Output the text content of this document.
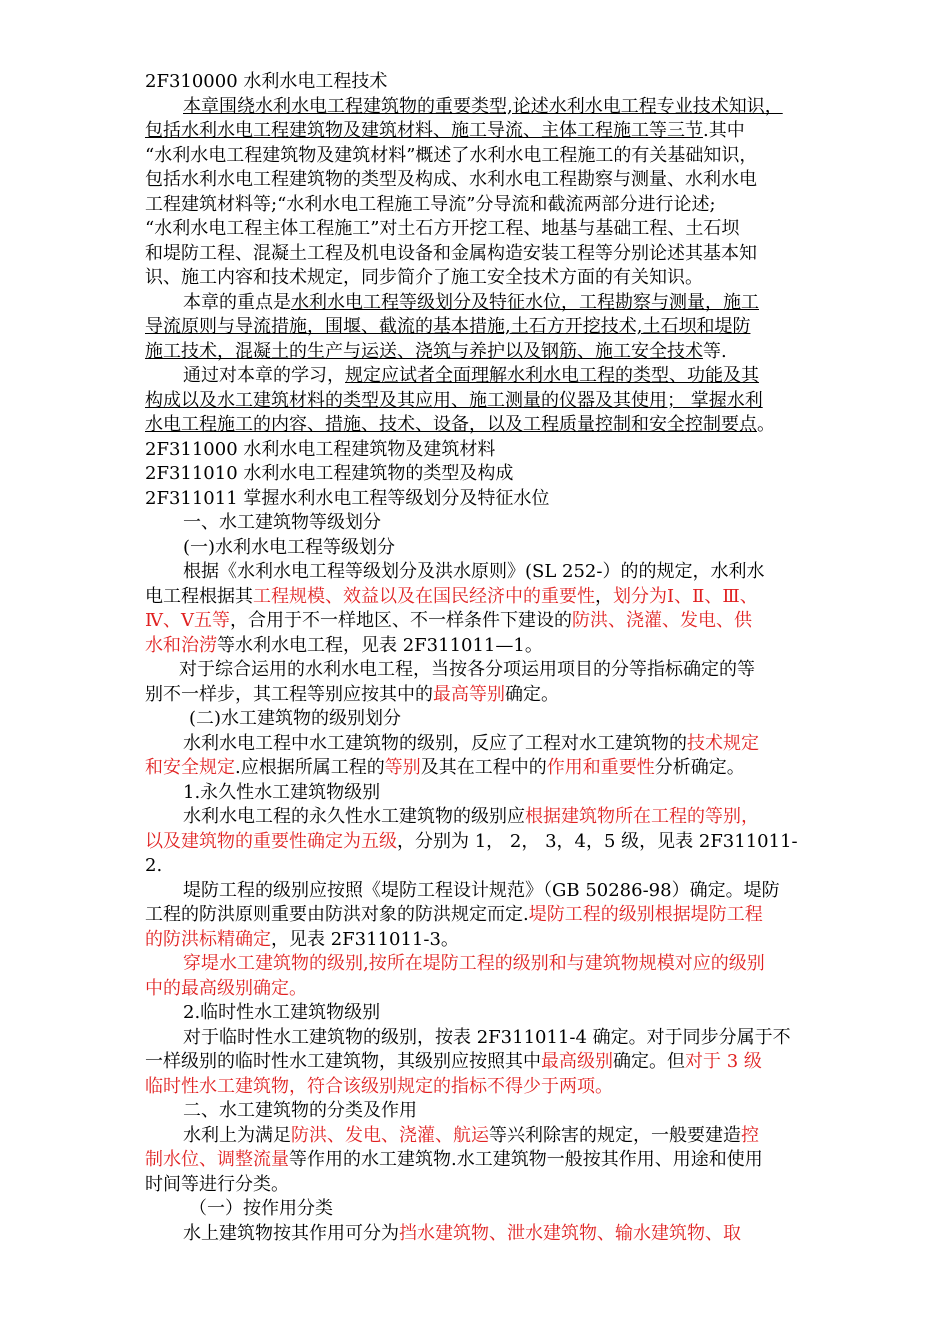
2F310000 水利水电工程技术
本章围绕水利水电工程建筑物的重要类型,论述水利水电工程专业技术知识，
包括水利水电工程建筑物及建筑材料、施工导流、主体工程施工等三节.其中
“水利水电工程建筑物及建筑材料”概述了水利水电工程施工的有关基础知识，
包括水利水电工程建筑物的类型及构成、水利水电工程勘察与测量、水利水电
工程建筑材料等;“水利水电工程施工导流”分导流和截流两部分进行论述;
“水利水电工程主体工程施工”对土石方开挖工程、地基与基础工程、土石坝
和堤防工程、混凝土工程及机电设备和金属构造安装工程等分别论述其基本知
识、施工内容和技术规定，同步简介了施工安全技术方面的有关知识。
本章的重点是水利水电工程等级划分及特征水位，工程勘察与测量，施工
导流原则与导流措施，围堰、截流的基本措施,土石方开挖技术,土石坝和堤防
施工技术，混凝土的生产与运送、浇筑与养护以及钢筋、施工安全技术等.
通过对本章的学习，规定应试者全面理解水利水电工程的类型、功能及其
构成以及水工建筑材料的类型及其应用、施工测量的仪器及其使用； 掌握水利
水电工程施工的内容、措施、技术、设备，以及工程质量控制和安全控制要点。
2F311000 水利水电工程建筑物及建筑材料
2F311010 水利水电工程建筑物的类型及构成
2F311011 掌握水利水电工程等级划分及特征水位
一、水工建筑物等级划分
(一)水利水电工程等级划分
根据《水利水电工程等级划分及洪水原则》(SL 252-）的的规定，水利水
电工程根据其工程规模、效益以及在国民经济中的重要性，划分为Ⅰ、Ⅱ、Ⅲ、
Ⅳ、Ⅴ五等，合用于不一样地区、不一样条件下建设的防洪、浇灌、发电、供
水和治涝等水利水电工程，见表 2F311011—1。
对于综合运用的水利水电工程，当按各分项运用项目的分等指标确定的等
别不一样步，其工程等别应按其中的最高等别确定。
(二)水工建筑物的级别划分
水利水电工程中水工建筑物的级别，反应了工程对水工建筑物的技术规定
和安全规定.应根据所属工程的等别及其在工程中的作用和重要性分析确定。
1.永久性水工建筑物级别
水利水电工程的永久性水工建筑物的级别应根据建筑物所在工程的等别，
以及建筑物的重要性确定为五级，分别为 1， 2， 3，4，5 级，见表 2F311011-
2.
堤防工程的级别应按照《堤防工程设计规范》（GB 50286-98）确定。堤防
工程的防洪原则重要由防洪对象的防洪规定而定.堤防工程的级别根据堤防工程
的防洪标精确定，见表 2F311011-3。
穿堤水工建筑物的级别,按所在堤防工程的级别和与建筑物规模对应的级别
中的最高级别确定。
2.临时性水工建筑物级别
对于临时性水工建筑物的级别，按表 2F311011-4 确定。对于同步分属于不
一样级别的临时性水工建筑物，其级别应按照其中最高级别确定。但对于 3 级
临时性水工建筑物，符合该级别规定的指标不得少于两项。
二、水工建筑物的分类及作用
水利上为满足防洪、发电、浇灌、航运等兴利除害的规定，一般要建造控
制水位、调整流量等作用的水工建筑物.水工建筑物一般按其作用、用途和使用
时间等进行分类。
（一）按作用分类
水上建筑物按其作用可分为挡水建筑物、泄水建筑物、输水建筑物、取
